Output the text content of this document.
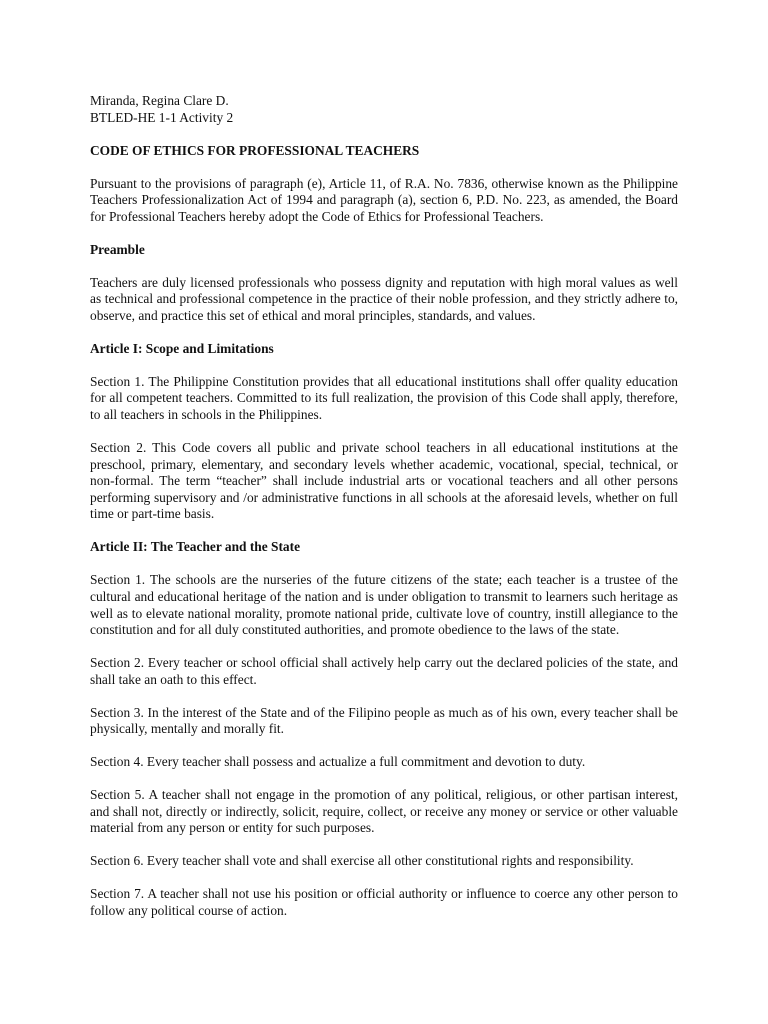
Miranda, Regina Clare D.

BTLED-HE 1-1 Activity 2

CODE OF ETHICS FOR PROFESSIONAL TEACHERS

Pursuant to the provisions of paragraph (e), Article 11, of R.A. No. 7836, otherwise known as the Philippine Teachers Professionalization Act of 1994 and paragraph (a), section 6, P.D. No. 223, as amended, the Board for Professional Teachers hereby adopt the Code of Ethics for Professional Teachers.

Preamble

Teachers are duly licensed professionals who possess dignity and reputation with high moral values as well as technical and professional competence in the practice of their noble profession, and they strictly adhere to, observe, and practice this set of ethical and moral principles, standards, and values.

Article I: Scope and Limitations

Section 1. The Philippine Constitution provides that all educational institutions shall offer quality education for all competent teachers. Committed to its full realization, the provision of this Code shall apply, therefore, to all teachers in schools in the Philippines.

Section 2. This Code covers all public and private school teachers in all educational institutions at the preschool, primary, elementary, and secondary levels whether academic, vocational, special, technical, or non-formal. The term “teacher” shall include industrial arts or vocational teachers and all other persons performing supervisory and /or administrative functions in all schools at the aforesaid levels, whether on full time or part-time basis.

Article II: The Teacher and the State

Section 1. The schools are the nurseries of the future citizens of the state; each teacher is a trustee of the cultural and educational heritage of the nation and is under obligation to transmit to learners such heritage as well as to elevate national morality, promote national pride, cultivate love of country, instill allegiance to the constitution and for all duly constituted authorities, and promote obedience to the laws of the state.

Section 2. Every teacher or school official shall actively help carry out the declared policies of the state, and shall take an oath to this effect.

Section 3. In the interest of the State and of the Filipino people as much as of his own, every teacher shall be physically, mentally and morally fit.

Section 4. Every teacher shall possess and actualize a full commitment and devotion to duty.

Section 5. A teacher shall not engage in the promotion of any political, religious, or other partisan interest, and shall not, directly or indirectly, solicit, require, collect, or receive any money or service or other valuable material from any person or entity for such purposes.

Section 6. Every teacher shall vote and shall exercise all other constitutional rights and responsibility.

Section 7. A teacher shall not use his position or official authority or influence to coerce any other person to follow any political course of action.
